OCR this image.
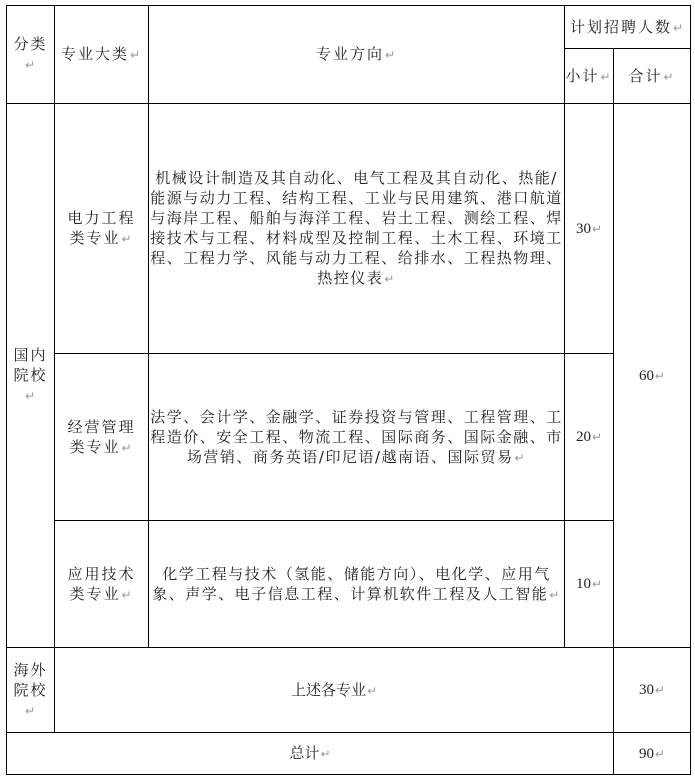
分类↵	专业大类↵	专业方向↵	计划招聘人数↵	
			小计↵	合计↵
国内
院校↵	电力工程
类专业↵	机械设计制造及其自动化、电气工程及其自动化、热能/能源与动力工程、结构工程、工业与民用建筑、港口航道与海岸工程、船舶与海洋工程、岩土工程、测绘工程、焊接技术与工程、材料成型及控制工程、土木工程、环境工程、工程力学、风能与动力工程、给排水、工程热物理、热控仪表↵	30↵	60↵
	经营管理
类专业↵	法学、会计学、金融学、证券投资与管理、工程管理、工程造价、安全工程、物流工程、国际商务、国际金融、市场营销、商务英语/印尼语/越南语、国际贸易↵	20↵	
	应用技术
类专业↵	化学工程与技术（氢能、储能方向）、电化学、应用气象、声学、电子信息工程、计算机软件工程及人工智能↵	10↵	
海外
院校↵	上述各专业↵			30↵
总计↵				90↵
